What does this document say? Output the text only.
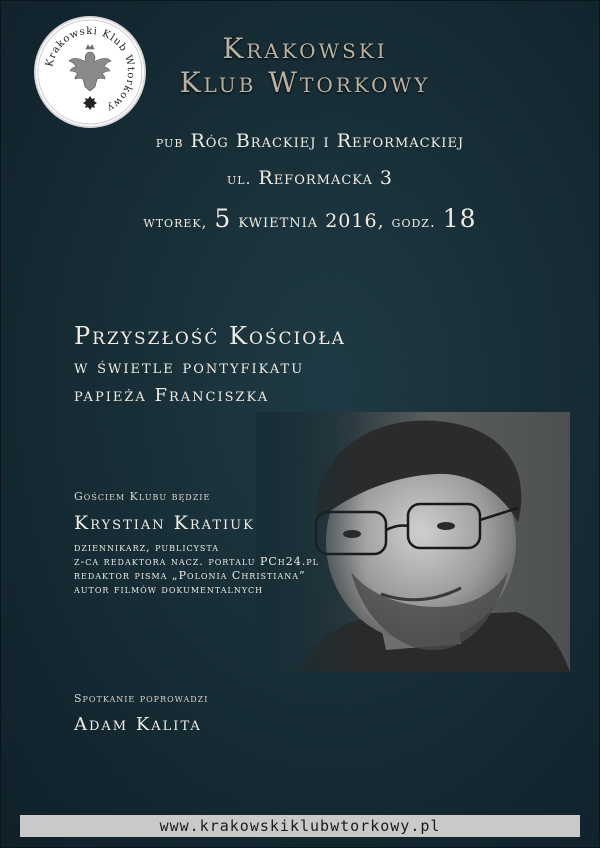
Krakowski Klub Wtorkowy
Krakowski
Klub Wtorkowy
pub Róg Brackiej i Reformackiej
ul. Reformacka 3
wtorek, 5 kwietnia 2016, godz. 18
Przyszłość Kościoła
w świetle pontyfikatu
papieża Franciszka
Gościem Klubu będzie
Krystian Kratiuk
dziennikarz, publicysta
z-ca redaktora nacz. portalu PCh24.pl
redaktor pisma „Polonia Christiana”
autor filmów dokumentalnych
Spotkanie poprowadzi
Adam Kalita
www.krakowskiklubwtorkowy.pl
